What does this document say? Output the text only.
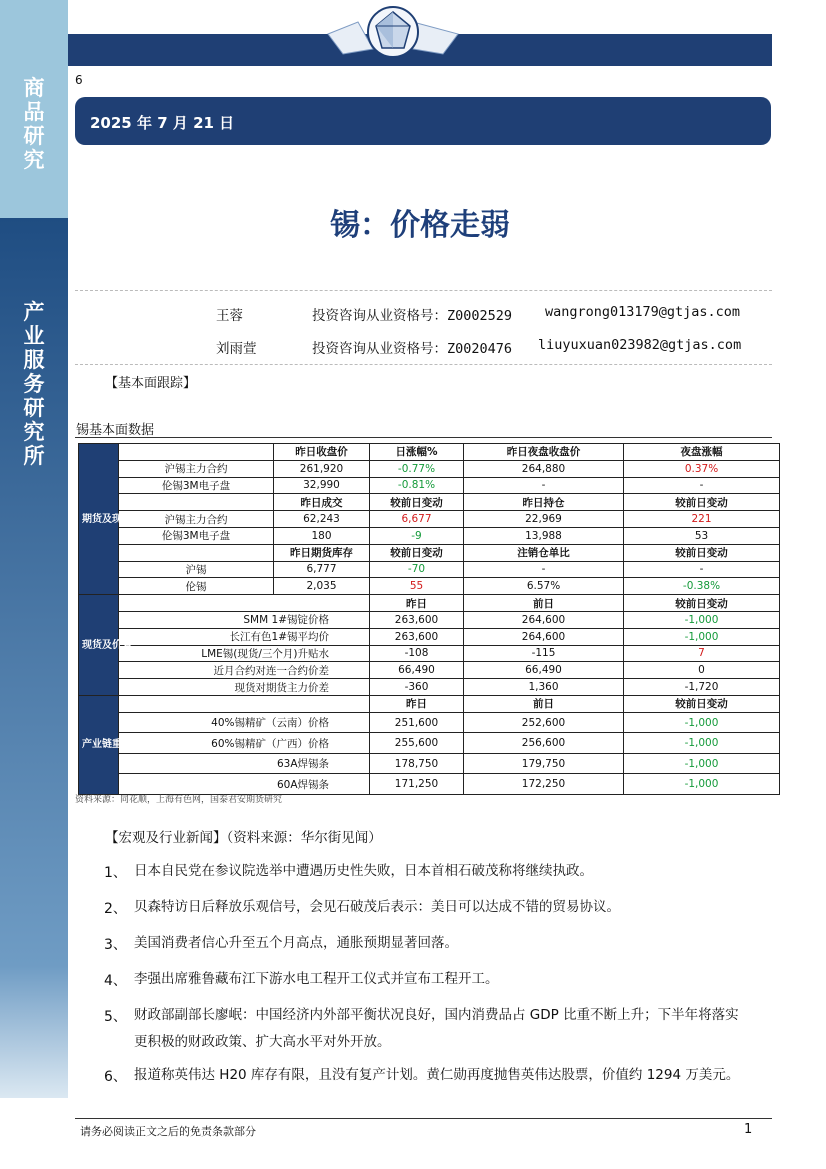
商
品
研
究
产
业
服
务
研
究
所
6
2025 年 7 月 21 日
锡：价格走弱
王蓉	投资咨询从业资格号：Z0002529 wangrong013179@gtjas.com
刘雨萱	投资咨询从业资格号：Z0020476 liuyuxuan023982@gtjas.com
【基本面跟踪】
锡基本面数据
期货及现货电子盘		昨日收盘价	日涨幅%	昨日夜盘收盘价	夜盘涨幅
	沪锡主力合约	261,920	-0.77%	264,880	0.37%
	伦锡3M电子盘	32,990	-0.81%	-	-
		昨日成交	较前日变动	昨日持仓	较前日变动
	沪锡主力合约	62,243	6,677	22,969	221
	伦锡3M电子盘	180	-9	13,988	53
		昨日期货库存	较前日变动	注销仓单比	较前日变动
	沪锡	6,777	-70	-	-
	伦锡	2,035	55	6.57%	-0.38%
现货及价差			昨日	前日	较前日变动
	SMM 1#锡锭价格		263,600	264,600	-1,000
	长江有色1#锡平均价		263,600	264,600	-1,000
	LME锡(现货/三个月)升贴水		-108	-115	7
	近月合约对连一合约价差		66,490	66,490	0
	现货对期货主力价差		-360	1,360	-1,720
产业链重要价格数据			昨日	前日	较前日变动
	40%锡精矿（云南）价格		251,600	252,600	-1,000
	60%锡精矿（广西）价格		255,600	256,600	-1,000
	63A焊锡条		178,750	179,750	-1,000
	60A焊锡条		171,250	172,250	-1,000
资料来源：同花顺，上海有色网，国泰君安期货研究
【宏观及行业新闻】（资料来源：华尔街见闻）
1、 日本自民党在参议院选举中遭遇历史性失败，日本首相石破茂称将继续执政。
2、 贝森特访日后释放乐观信号，会见石破茂后表示：美日可以达成不错的贸易协议。
3、 美国消费者信心升至五个月高点，通胀预期显著回落。
4、 李强出席雅鲁藏布江下游水电工程开工仪式并宣布工程开工。
5、 财政部副部长廖岷：中国经济内外部平衡状况良好，国内消费品占 GDP 比重不断上升；下半年将落实更积极的财政政策、扩大高水平对外开放。
6、 报道称英伟达 H20 库存有限，且没有复产计划。黄仁勋再度抛售英伟达股票，价值约 1294 万美元。
请务必阅读正文之后的免责条款部分	1
